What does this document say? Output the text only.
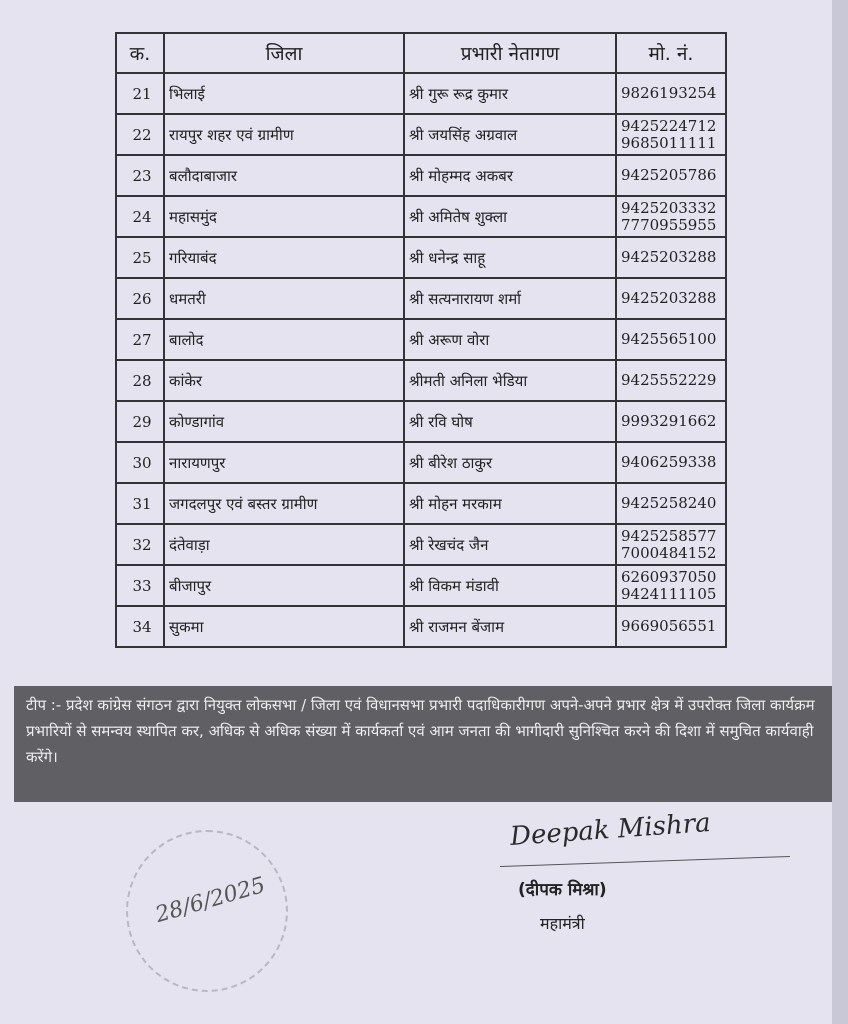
क.	जिला	प्रभारी नेतागण	मो. नं.
21	भिलाई	श्री गुरू रूद्र कुमार	9826193254

22	रायपुर शहर एवं ग्रामीण	श्री जयसिंह अग्रवाल	9425224712
9685011111

23	बलौदाबाजार	श्री मोहम्मद अकबर	9425205786

24	महासमुंद	श्री अमितेष शुक्ला	9425203332
7770955955

25	गरियाबंद	श्री धनेन्द्र साहू	9425203288

26	धमतरी	श्री सत्यनारायण शर्मा	9425203288

27	बालोद	श्री अरूण वोरा	9425565100

28	कांकेर	श्रीमती अनिला भेडिया	9425552229

29	कोण्डागांव	श्री रवि घोष	9993291662

30	नारायणपुर	श्री बीरेश ठाकुर	9406259338

31	जगदलपुर एवं बस्तर ग्रामीण	श्री मोहन मरकाम	9425258240

32	दंतेवाड़ा	श्री रेखचंद जैन	9425258577
7000484152

33	बीजापुर	श्री विकम मंडावी	6260937050
9424111105

34	सुकमा	श्री राजमन बेंजाम	9669056551
टीप :- प्रदेश कांग्रेस संगठन द्वारा नियुक्त लोकसभा / जिला एवं विधानसभा प्रभारी पदाधिकारीगण अपने-अपने प्रभार क्षेत्र में उपरोक्त जिला कार्यक्रम प्रभारियों से समन्वय स्थापित कर, अधिक से अधिक संख्या में कार्यकर्ता एवं आम जनता की भागीदारी सुनिश्चित करने की दिशा में समुचित कार्यवाही करेंगे।
28/6/2025
Deepak Mishra
(दीपक मिश्रा)
महामंत्री
